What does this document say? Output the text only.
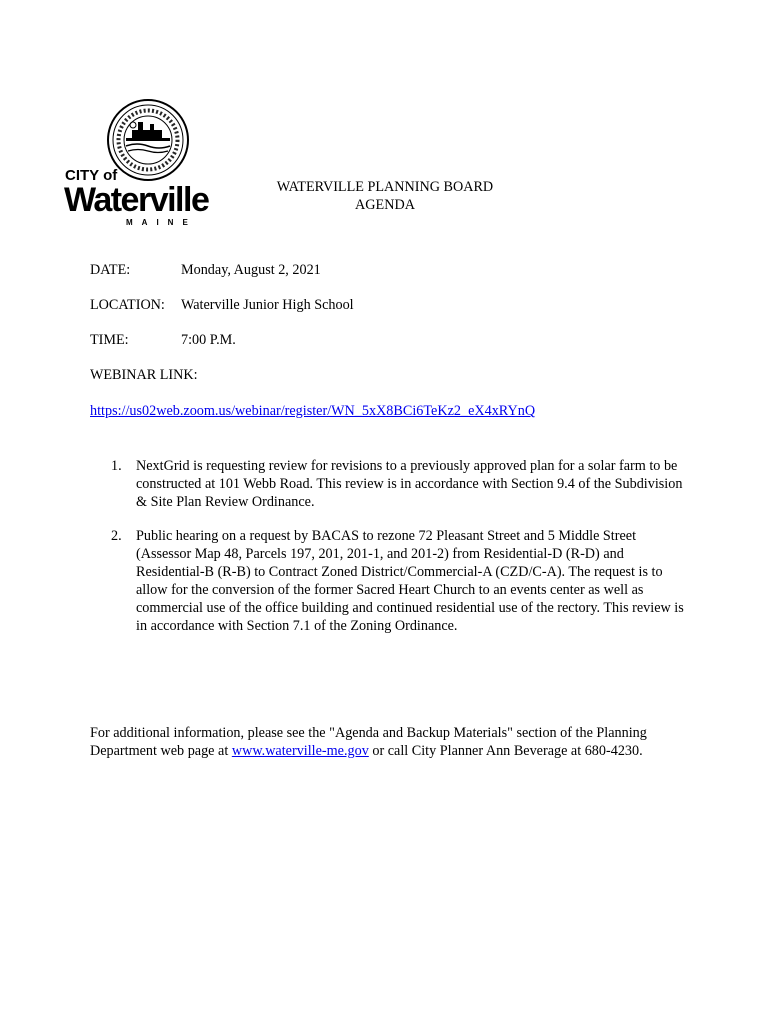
CITY of
Waterville
MAINE
WATERVILLE PLANNING BOARD
AGENDA
DATE:	Monday, August 2, 2021
LOCATION: Waterville Junior High School
TIME:	7:00 P.M.
WEBINAR LINK:
https://us02web.zoom.us/webinar/register/WN_5xX8BCi6TeKz2_eX4xRYnQ
1. NextGrid is requesting review for revisions to a previously approved plan for a solar farm to be constructed at 101 Webb Road. This review is in accordance with Section 9.4 of the Subdivision & Site Plan Review Ordinance.
2. Public hearing on a request by BACAS to rezone 72 Pleasant Street and 5 Middle Street (Assessor Map 48, Parcels 197, 201, 201-1, and 201-2) from Residential-D (R-D) and Residential-B (R-B) to Contract Zoned District/Commercial-A (CZD/C-A). The request is to allow for the conversion of the former Sacred Heart Church to an events center as well as commercial use of the office building and continued residential use of the rectory. This review is in accordance with Section 7.1 of the Zoning Ordinance.
For additional information, please see the "Agenda and Backup Materials" section of the Planning Department web page at www.waterville-me.gov or call City Planner Ann Beverage at 680-4230.
